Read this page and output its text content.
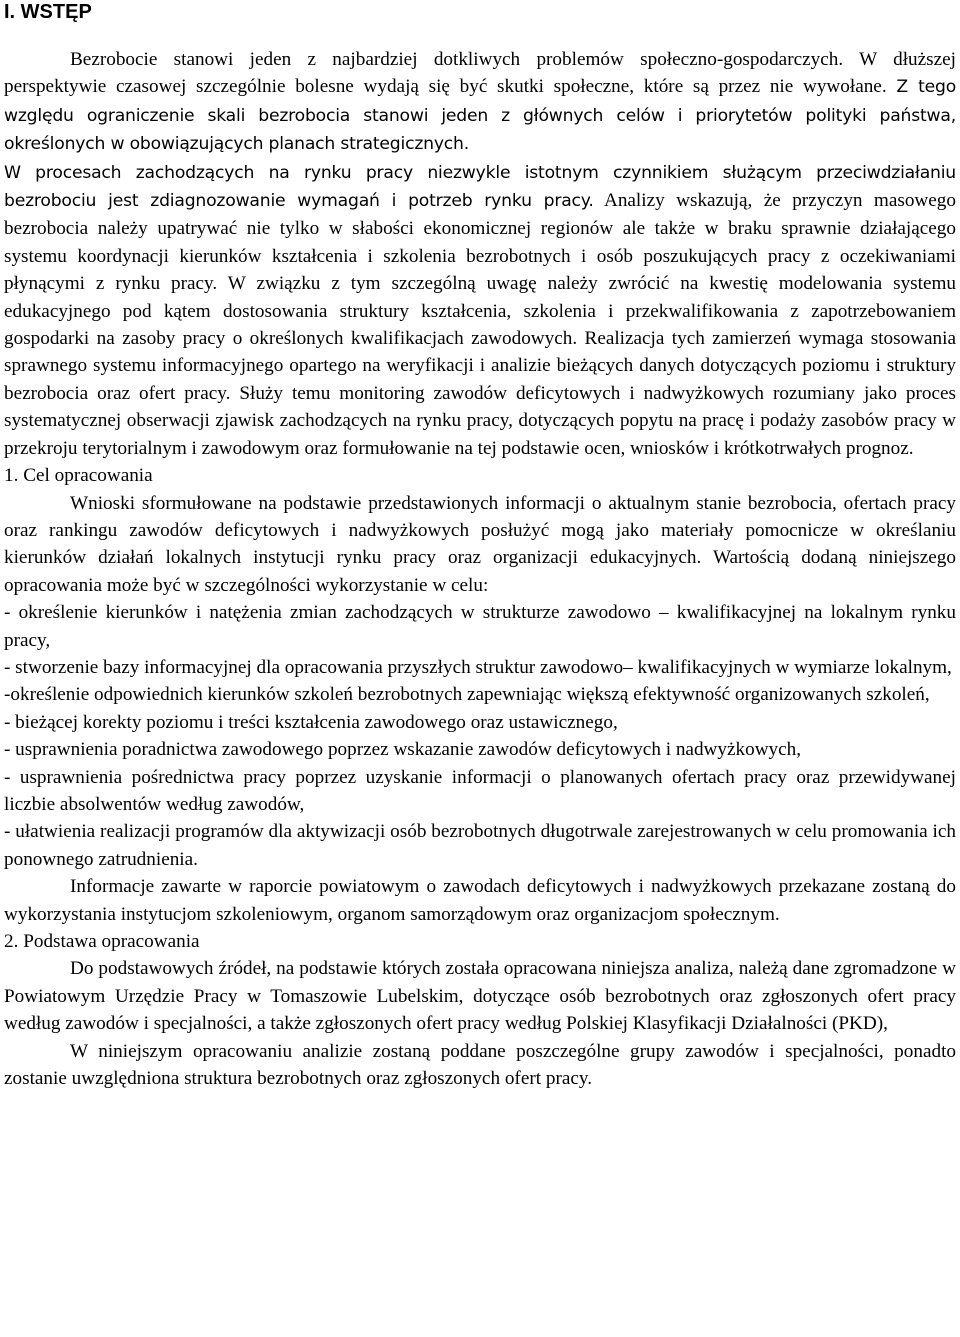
I. WSTĘP

Bezrobocie stanowi jeden z najbardziej dotkliwych problemów społeczno-gospodarczych. W dłuższej perspektywie czasowej szczególnie bolesne wydają się być skutki społeczne, które są przez nie wywołane. Z tego względu ograniczenie skali bezrobocia stanowi jeden z głównych celów i priorytetów polityki państwa, określonych w obowiązujących planach strategicznych.

W procesach zachodzących na rynku pracy niezwykle istotnym czynnikiem służącym przeciwdziałaniu bezrobociu jest zdiagnozowanie wymagań i potrzeb rynku pracy. Analizy wskazują, że przyczyn masowego bezrobocia należy upatrywać nie tylko w słabości ekonomicznej regionów ale także w braku sprawnie działającego systemu koordynacji kierunków kształcenia i szkolenia bezrobotnych i osób poszukujących pracy z oczekiwaniami płynącymi z rynku pracy. W związku z tym szczególną uwagę należy zwrócić na kwestię modelowania systemu edukacyjnego pod kątem dostosowania struktury kształcenia, szkolenia i przekwalifikowania z zapotrzebowaniem gospodarki na zasoby pracy o określonych kwalifikacjach zawodowych. Realizacja tych zamierzeń wymaga stosowania sprawnego systemu informacyjnego opartego na weryfikacji i analizie bieżących danych dotyczących poziomu i struktury bezrobocia oraz ofert pracy. Służy temu monitoring zawodów deficytowych i nadwyżkowych rozumiany jako proces systematycznej obserwacji zjawisk zachodzących na rynku pracy, dotyczących popytu na pracę i podaży zasobów pracy w przekroju terytorialnym i zawodowym oraz formułowanie na tej podstawie ocen, wniosków i krótkotrwałych prognoz.

1. Cel opracowania

Wnioski sformułowane na podstawie przedstawionych informacji o aktualnym stanie bezrobocia, ofertach pracy oraz rankingu zawodów deficytowych i nadwyżkowych posłużyć mogą jako materiały pomocnicze w określaniu kierunków działań lokalnych instytucji rynku pracy oraz organizacji edukacyjnych. Wartością dodaną niniejszego opracowania może być w szczególności wykorzystanie w celu:

- określenie kierunków i natężenia zmian zachodzących w strukturze zawodowo – kwalifikacyjnej na lokalnym rynku pracy,

- stworzenie bazy informacyjnej dla opracowania przyszłych struktur zawodowo– kwalifikacyjnych w wymiarze lokalnym,

-określenie odpowiednich kierunków szkoleń bezrobotnych zapewniając większą efektywność organizowanych szkoleń,

- bieżącej korekty poziomu i treści kształcenia zawodowego oraz ustawicznego,

- usprawnienia poradnictwa zawodowego poprzez wskazanie zawodów deficytowych i nadwyżkowych,

- usprawnienia pośrednictwa pracy poprzez uzyskanie informacji o planowanych ofertach pracy oraz przewidywanej liczbie absolwentów według zawodów,

- ułatwienia realizacji programów dla aktywizacji osób bezrobotnych długotrwale zarejestrowanych w celu promowania ich ponownego zatrudnienia.

Informacje zawarte w raporcie powiatowym o zawodach deficytowych i nadwyżkowych przekazane zostaną do wykorzystania instytucjom szkoleniowym, organom samorządowym oraz organizacjom społecznym.

2. Podstawa opracowania

Do podstawowych źródeł, na podstawie których została opracowana niniejsza analiza, należą dane zgromadzone w Powiatowym Urzędzie Pracy w Tomaszowie Lubelskim, dotyczące osób bezrobotnych oraz zgłoszonych ofert pracy według zawodów i specjalności, a także zgłoszonych ofert pracy według Polskiej Klasyfikacji Działalności (PKD),

W niniejszym opracowaniu analizie zostaną poddane poszczególne grupy zawodów i specjalności, ponadto zostanie uwzględniona struktura bezrobotnych oraz zgłoszonych ofert pracy.
